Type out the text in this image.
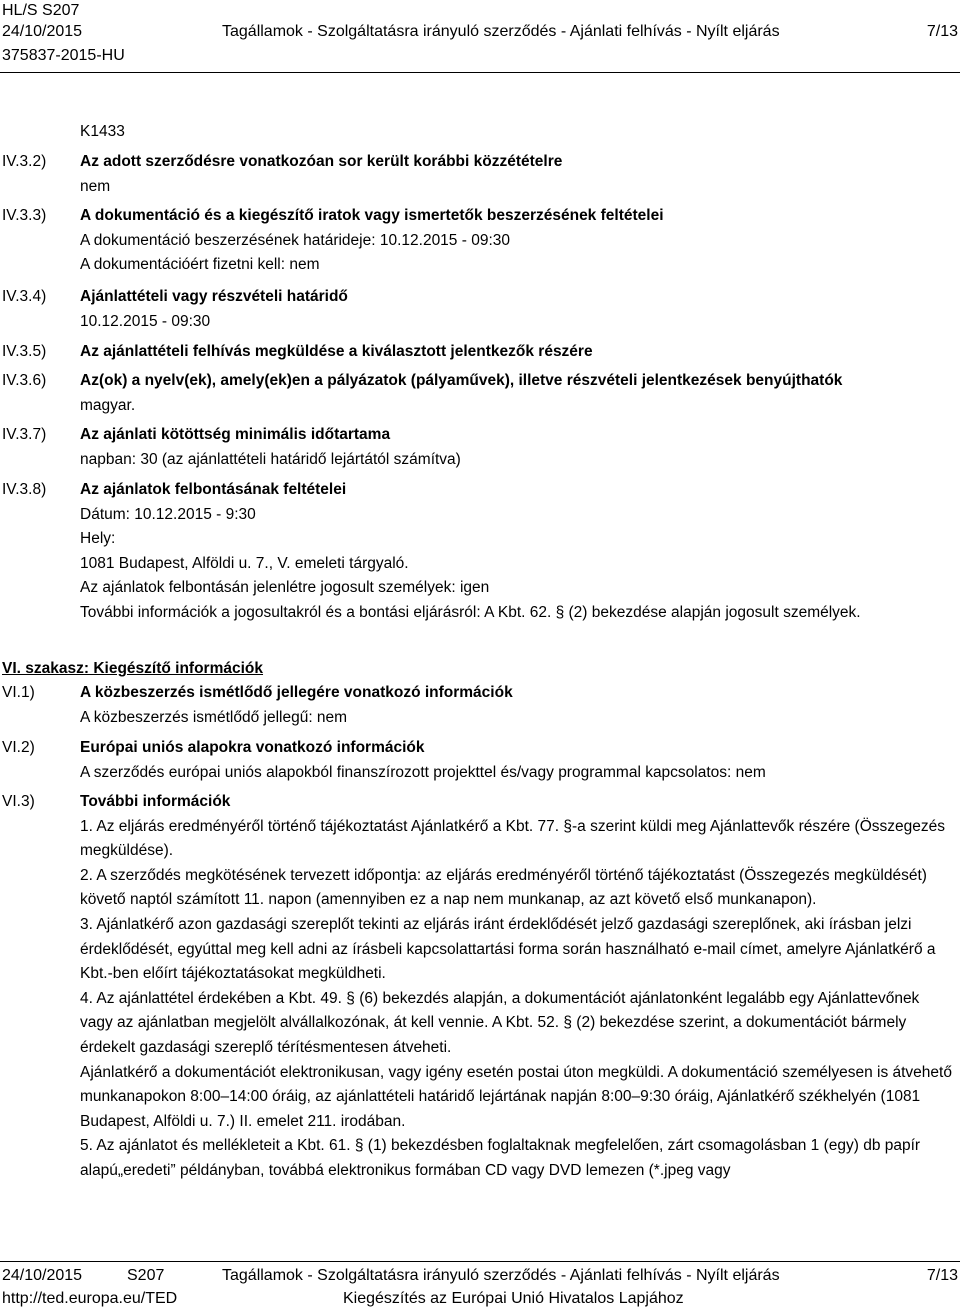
HL/S S207
24/10/2015	Tagállamok - Szolgáltatásra irányuló szerződés - Ajánlati felhívás - Nyílt eljárás	7/13
375837-2015-HU

K1433

IV.3.2) Az adott szerződésre vonatkozóan sor került korábbi közzétételre

nem

IV.3.3) A dokumentáció és a kiegészítő iratok vagy ismertetők beszerzésének feltételei

A dokumentáció beszerzésének határideje: 10.12.2015 - 09:30

A dokumentációért fizetni kell: nem

IV.3.4) Ajánlattételi vagy részvételi határidő

10.12.2015 - 09:30

IV.3.5) Az ajánlattételi felhívás megküldése a kiválasztott jelentkezők részére

IV.3.6) Az(ok) a nyelv(ek), amely(ek)en a pályázatok (pályaművek), illetve részvételi jelentkezések benyújthatók

magyar.

IV.3.7) Az ajánlati kötöttség minimális időtartama

napban: 30 (az ajánlattételi határidő lejártától számítva)

IV.3.8) Az ajánlatok felbontásának feltételei

Dátum: 10.12.2015 - 9:30

Hely:

1081 Budapest, Alföldi u. 7., V. emeleti tárgyaló.

Az ajánlatok felbontásán jelenlétre jogosult személyek: igen

További információk a jogosultakról és a bontási eljárásról: A Kbt. 62. § (2) bekezdése alapján jogosult személyek.

VI. szakasz: Kiegészítő információk

VI.1)	A közbeszerzés ismétlődő jellegére vonatkozó információk

A közbeszerzés ismétlődő jellegű: nem

VI.2)	Európai uniós alapokra vonatkozó információk

A szerződés európai uniós alapokból finanszírozott projekttel és/vagy programmal kapcsolatos: nem

VI.3)	További információk

1. Az eljárás eredményéről történő tájékoztatást Ajánlatkérő a Kbt. 77. §-a szerint küldi meg Ajánlattevők részére (Összegezés megküldése).

2. A szerződés megkötésének tervezett időpontja: az eljárás eredményéről történő tájékoztatást (Összegezés megküldését) követő naptól számított 11. napon (amennyiben ez a nap nem munkanap, az azt követő első munkanapon).

3. Ajánlatkérő azon gazdasági szereplőt tekinti az eljárás iránt érdeklődését jelző gazdasági szereplőnek, aki írásban jelzi érdeklődését, egyúttal meg kell adni az írásbeli kapcsolattartási forma során használható e-mail címet, amelyre Ajánlatkérő a Kbt.-ben előírt tájékoztatásokat megküldheti.

4. Az ajánlattétel érdekében a Kbt. 49. § (6) bekezdés alapján, a dokumentációt ajánlatonként legalább egy Ajánlattevőnek vagy az ajánlatban megjelölt alvállalkozónak, át kell vennie. A Kbt. 52. § (2) bekezdése szerint, a dokumentációt bármely érdekelt gazdasági szereplő térítésmentesen átveheti.

Ajánlatkérő a dokumentációt elektronikusan, vagy igény esetén postai úton megküldi. A dokumentáció személyesen is átvehető munkanapokon 8:00–14:00 óráig, az ajánlattételi határidő lejártának napján 8:00–9:30 óráig, Ajánlatkérő székhelyén (1081 Budapest, Alföldi u. 7.) II. emelet 211. irodában.

5. Az ajánlatot és mellékleteit a Kbt. 61. § (1) bekezdésben foglaltaknak megfelelően, zárt csomagolásban 1 (egy) db papír alapú„eredeti” példányban, továbbá elektronikus formában CD vagy DVD lemezen (*.jpeg vagy

24/10/2015	S207	Tagállamok - Szolgáltatásra irányuló szerződés - Ajánlati felhívás - Nyílt eljárás	7/13
http://ted.europa.eu/TED	Kiegészítés az Európai Unió Hivatalos Lapjához
